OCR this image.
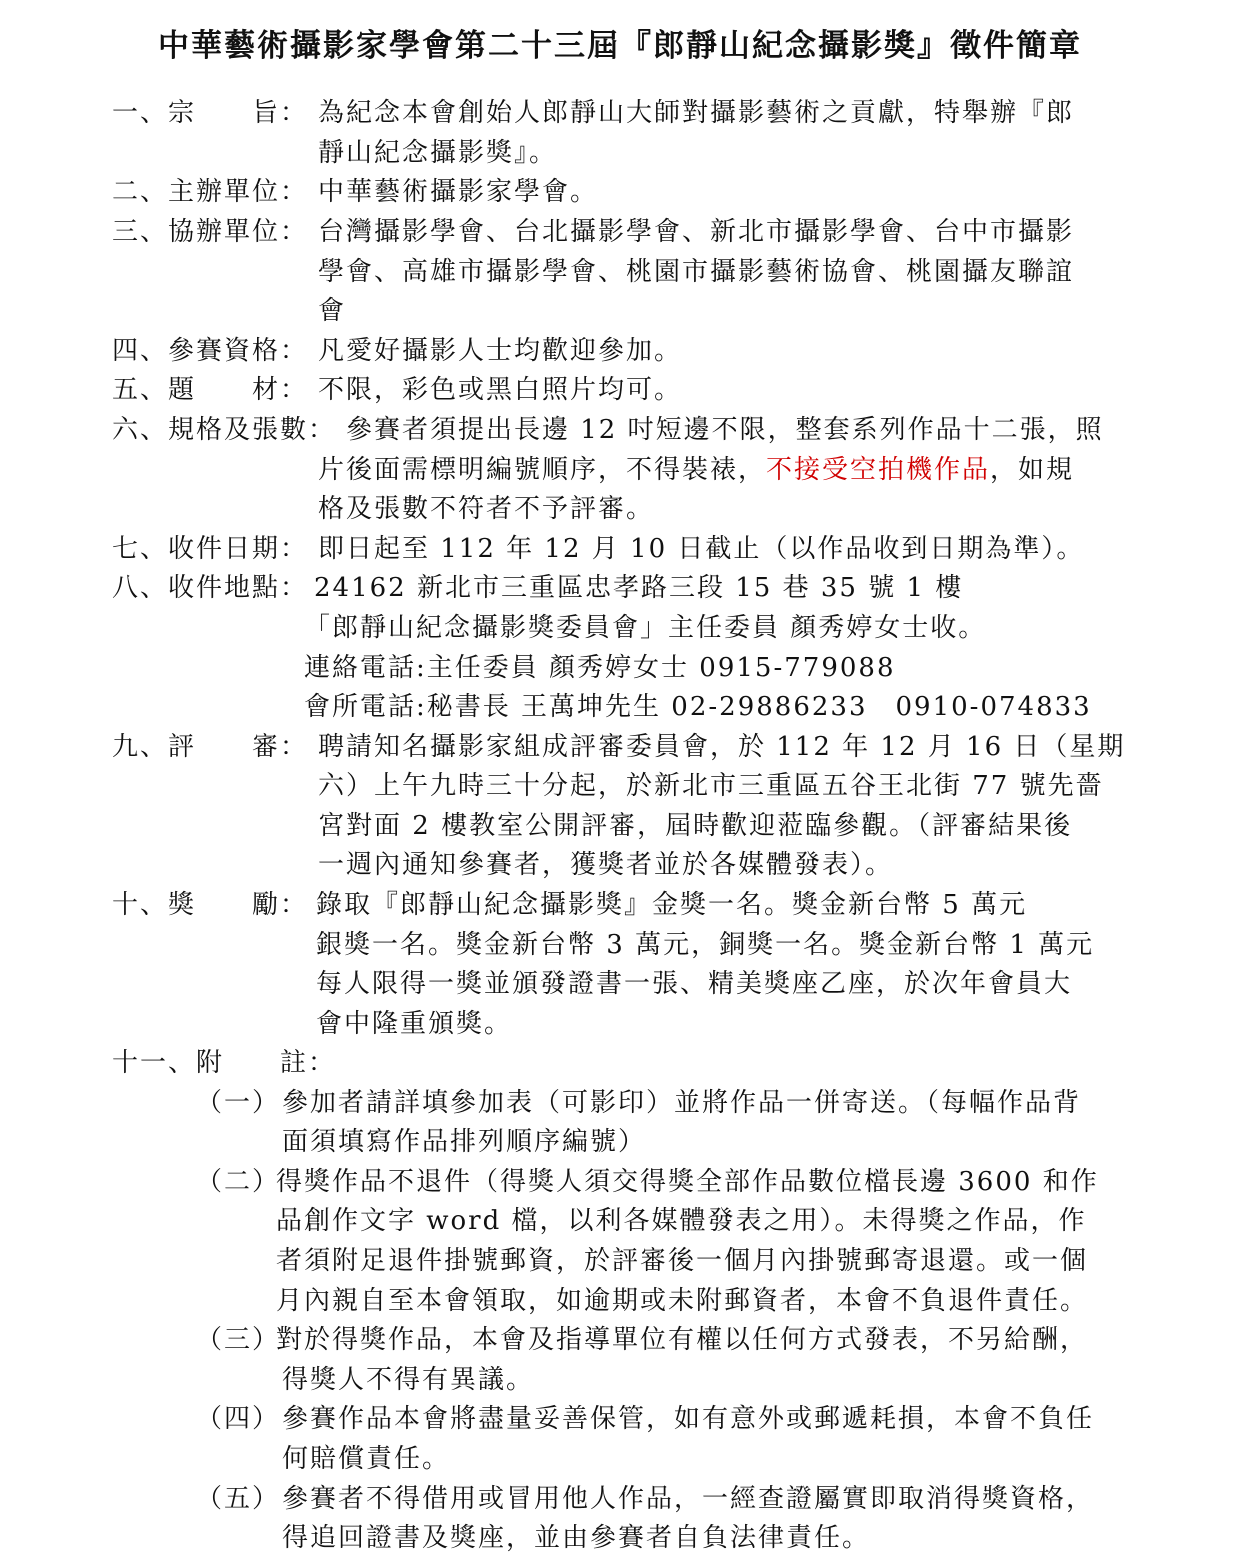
中華藝術攝影家學會第二十三屆『郎靜山紀念攝影獎』徵件簡章
一、宗　　旨： 為紀念本會創始人郎靜山大師對攝影藝術之貢獻，特舉辦『郎
靜山紀念攝影獎』。
二、主辦單位： 中華藝術攝影家學會。
三、協辦單位： 台灣攝影學會、台北攝影學會、新北市攝影學會、台中市攝影
學會、高雄市攝影學會、桃園市攝影藝術協會、桃園攝友聯誼
會
四、參賽資格： 凡愛好攝影人士均歡迎參加。
五、題　　材： 不限，彩色或黑白照片均可。
六、規格及張數： 參賽者須提出長邊 12 吋短邊不限，整套系列作品十二張，照
片後面需標明編號順序，不得裝裱，不接受空拍機作品，如規
格及張數不符者不予評審。
七、收件日期： 即日起至 112 年 12 月 10 日截止（以作品收到日期為準）。
八、收件地點： 24162 新北市三重區忠孝路三段 15 巷 35 號 1 樓
「郎靜山紀念攝影獎委員會」主任委員 顏秀婷女士收。
連絡電話:主任委員 顏秀婷女士 0915-779088
會所電話:秘書長 王萬坤先生 02-29886233　0910-074833
九、評　　審： 聘請知名攝影家組成評審委員會，於 112 年 12 月 16 日（星期
六）上午九時三十分起，於新北市三重區五谷王北街 77 號先嗇
宮對面 2 樓教室公開評審，屆時歡迎蒞臨參觀。（評審結果後
一週內通知參賽者，獲獎者並於各媒體發表）。
十、獎　　勵： 錄取『郎靜山紀念攝影獎』金獎一名。獎金新台幣 5 萬元
銀獎一名。獎金新台幣 3 萬元，銅獎一名。獎金新台幣 1 萬元
每人限得一獎並頒發證書一張、精美獎座乙座，於次年會員大
會中隆重頒獎。
十一、附　　註：
（一） 參加者請詳填參加表（可影印）並將作品一併寄送。（每幅作品背
面須填寫作品排列順序編號）
（二）
得獎作品不退件（得獎人須交得獎全部作品數位檔長邊 3600 和作
品創作文字 word 檔，以利各媒體發表之用）。未得獎之作品，作
者須附足退件掛號郵資，於評審後一個月內掛號郵寄退還。或一個
月內親自至本會領取，如逾期或未附郵資者，本會不負退件責任。
（三）
對於得獎作品，本會及指導單位有權以任何方式發表，不另給酬，
得獎人不得有異議。
（四） 參賽作品本會將盡量妥善保管，如有意外或郵遞耗損，本會不負任
何賠償責任。
（五） 參賽者不得借用或冒用他人作品，一經查證屬實即取消得獎資格，
得追回證書及獎座，並由參賽者自負法律責任。
